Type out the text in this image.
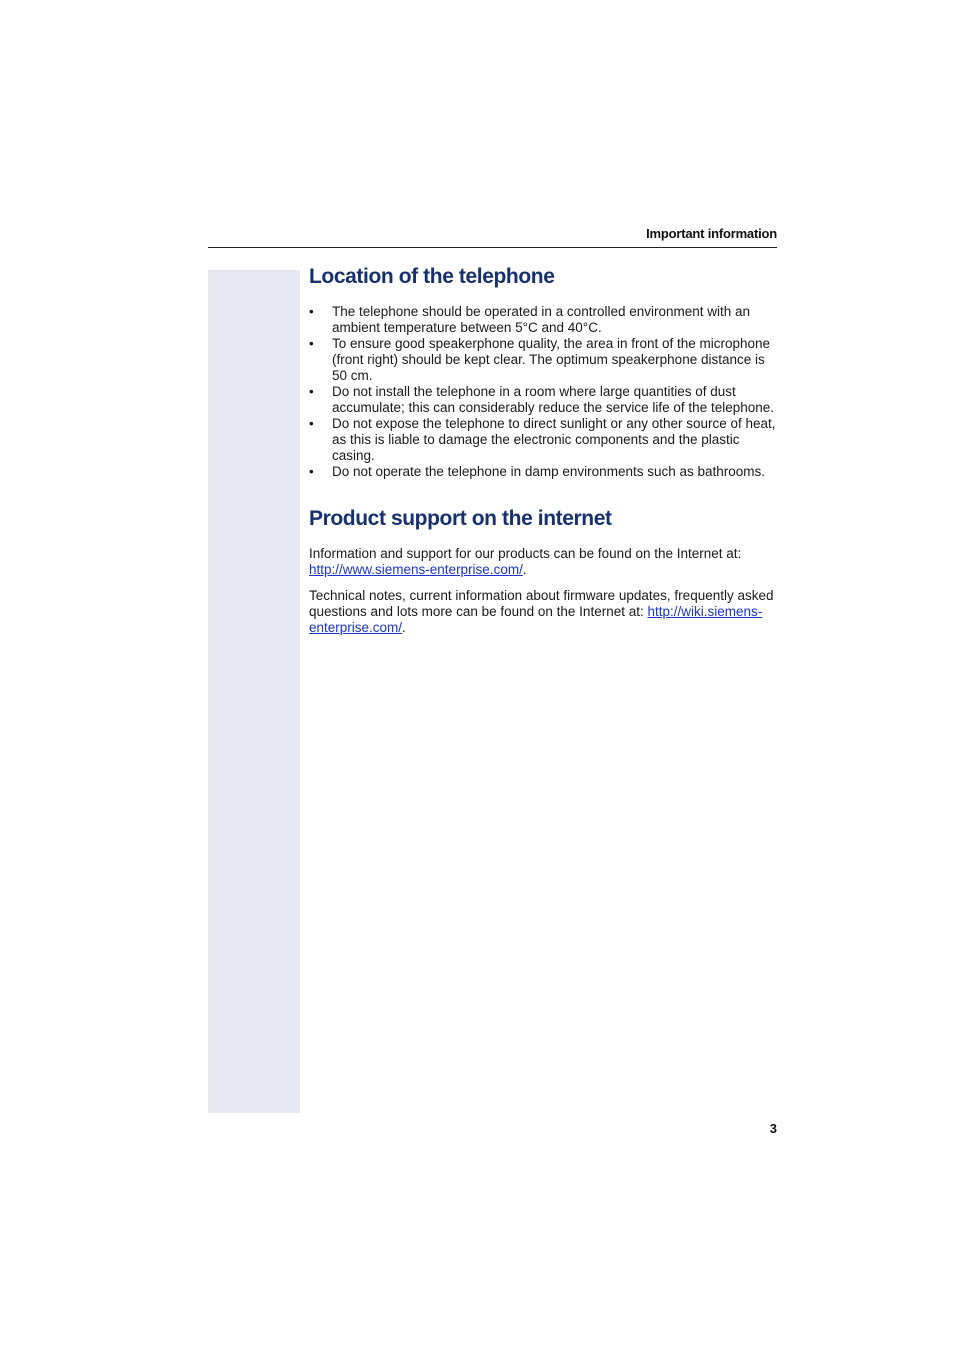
Important information
Location of the telephone
• The telephone should be operated in a controlled environment with an ambient temperature between 5°C and 40°C.
• To ensure good speakerphone quality, the area in front of the microphone (front right) should be kept clear. The optimum speakerphone distance is 50 cm.
• Do not install the telephone in a room where large quantities of dust accumulate; this can considerably reduce the service life of the telephone.
• Do not expose the telephone to direct sunlight or any other source of heat, as this is liable to damage the electronic components and the plastic casing.
• Do not operate the telephone in damp environments such as bathrooms.
Product support on the internet

Information and support for our products can be found on the Internet at: http://www.siemens-enterprise.com/.

Technical notes, current information about firmware updates, frequently asked questions and lots more can be found on the Internet at: http://wiki.siemens-enterprise.com/.

3
